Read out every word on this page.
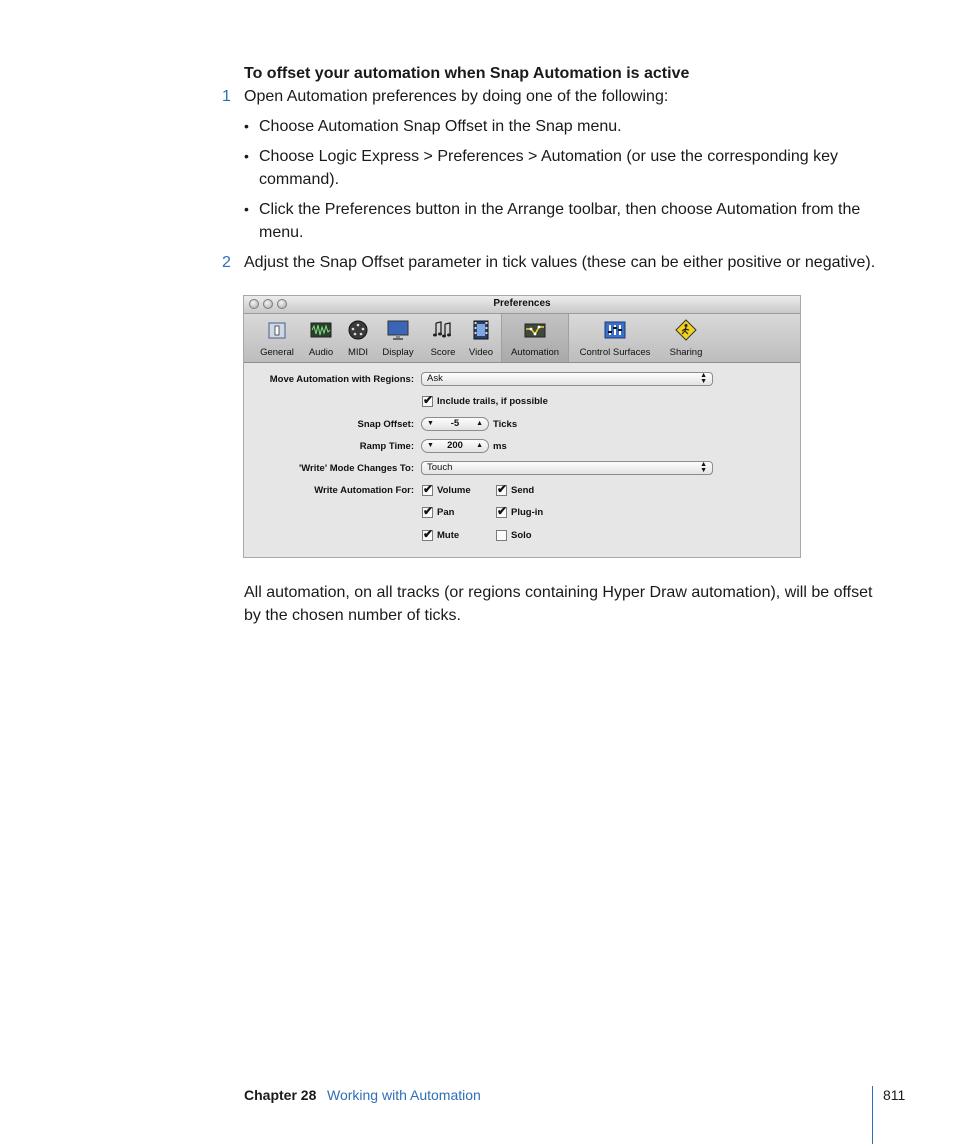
To offset your automation when Snap Automation is active
1 Open Automation preferences by doing one of the following:
• Choose Automation Snap Offset in the Snap menu.
• Choose Logic Express > Preferences > Automation (or use the corresponding key
command).
• Click the Preferences button in the Arrange toolbar, then choose Automation from the
menu.
2 Adjust the Snap Offset parameter in tick values (these can be either positive or negative).
Preferences
General	Audio	MIDI	Display	Score	Video	Automation	Control Surfaces	Sharing
Move Automation with Regions:	Ask	▲
▼
✔ Include trails, if possible
Snap Offset: ▼	-5	▲ Ticks
Ramp Time: ▼	200	▲ ms
'Write' Mode Changes To:	Touch	▲
▼
Write Automation For: ✔ Volume ✔ Send
✔ Pan	✔ Plug-in
✔ Mute	Solo
All automation, on all tracks (or regions containing Hyper Draw automation), will be offset
by the chosen number of ticks.
Chapter 28 Working with Automation	811
